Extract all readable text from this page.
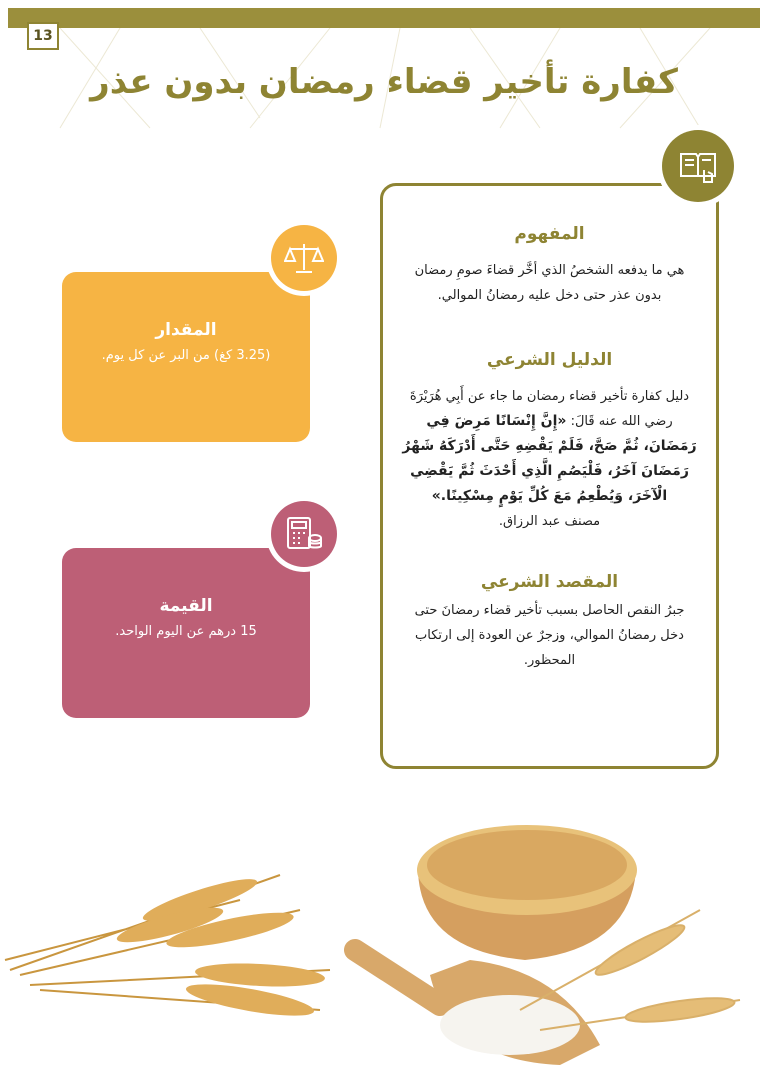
13
كفارة تأخير قضاء رمضان بدون عذر
المفهوم
هي ما يدفعه الشخصُ الذي أخَّر قضاءَ صومِ رمضان بدون عذر حتى دخل عليه رمضانُ الموالي.
الدليل الشرعي
دليل كفارة تأخير قضاء رمضان ما جاء عن أَبِي هُرَيْرَةَ رضي الله عنه قَالَ: «إِنَّ إِنْسَانًا مَرِضَ فِي رَمَضَانَ، ثُمَّ صَحَّ، فَلَمْ يَقْضِهِ حَتَّى أَدْرَكَهُ شَهْرُ رَمَضَانَ آخَرُ، فَلْيَصُمِ الَّذِي أَحْدَثَ ثُمَّ يَقْضِي الْآخَرَ، وَيُطْعِمُ مَعَ كُلِّ يَوْمٍ مِسْكِينًا.»
مصنف عبد الرزاق.
المقصد الشرعي
جبرُ النقص الحاصل بسبب تأخير قضاء رمضانَ حتى دخل رمضانُ الموالي، وزجرٌ عن العودة إلى ارتكاب المحظور.
المقدار

(3.25 كغ) من البر عن كل يوم.

القيمة

15 درهم عن اليوم الواحد.
